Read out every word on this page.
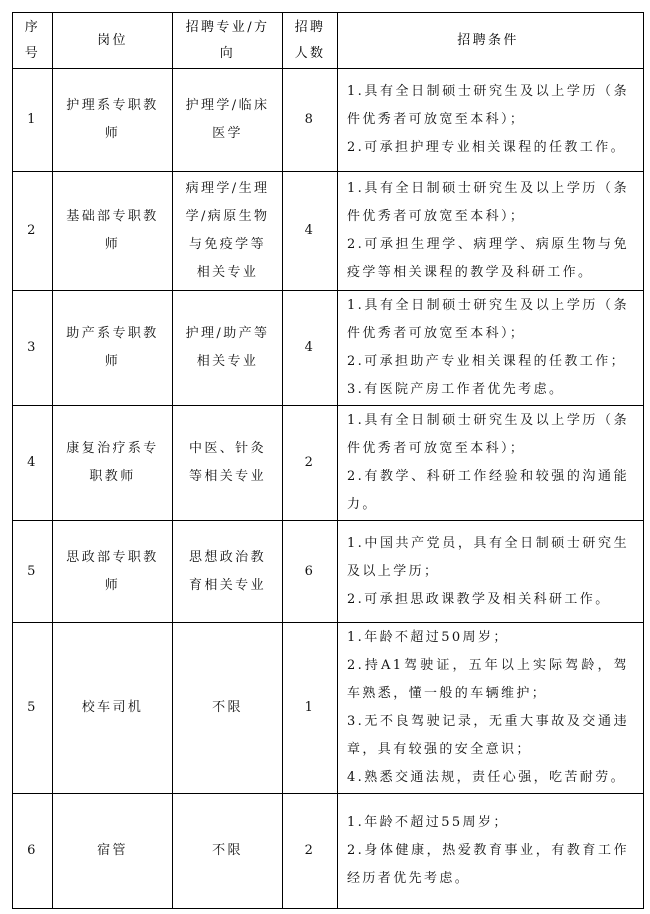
序号	岗位	招聘专业/方向	招聘人数	招聘条件
1	护理系专职教师	护理学/临床医学	8	1.具有全日制硕士研究生及以上学历（条件优秀者可放宽至本科）；
2.可承担护理专业相关课程的任教工作。

2	基础部专职教师	病理学/生理学/病原生物与免疫学等相关专业	4	1.具有全日制硕士研究生及以上学历（条件优秀者可放宽至本科）；
2.可承担生理学、病理学、病原生物与免疫学等相关课程的教学及科研工作。

3	助产系专职教师	护理/助产等相关专业	4	1.具有全日制硕士研究生及以上学历（条件优秀者可放宽至本科）；
2.可承担助产专业相关课程的任教工作；
3.有医院产房工作者优先考虑。

4	康复治疗系专职教师	中医、针灸等相关专业	2	1.具有全日制硕士研究生及以上学历（条件优秀者可放宽至本科）；
2.有教学、科研工作经验和较强的沟通能力。

5	思政部专职教师	思想政治教育相关专业	6	1.中国共产党员，具有全日制硕士研究生及以上学历；
2.可承担思政课教学及相关科研工作。

5	校车司机	不限	1	1.年龄不超过50周岁；
2.持A1驾驶证，五年以上实际驾龄，驾车熟悉，懂一般的车辆维护；
3.无不良驾驶记录，无重大事故及交通违章，具有较强的安全意识；
4.熟悉交通法规，责任心强，吃苦耐劳。

6	宿管	不限	2	1.年龄不超过55周岁；
2.身体健康，热爱教育事业，有教育工作经历者优先考虑。
